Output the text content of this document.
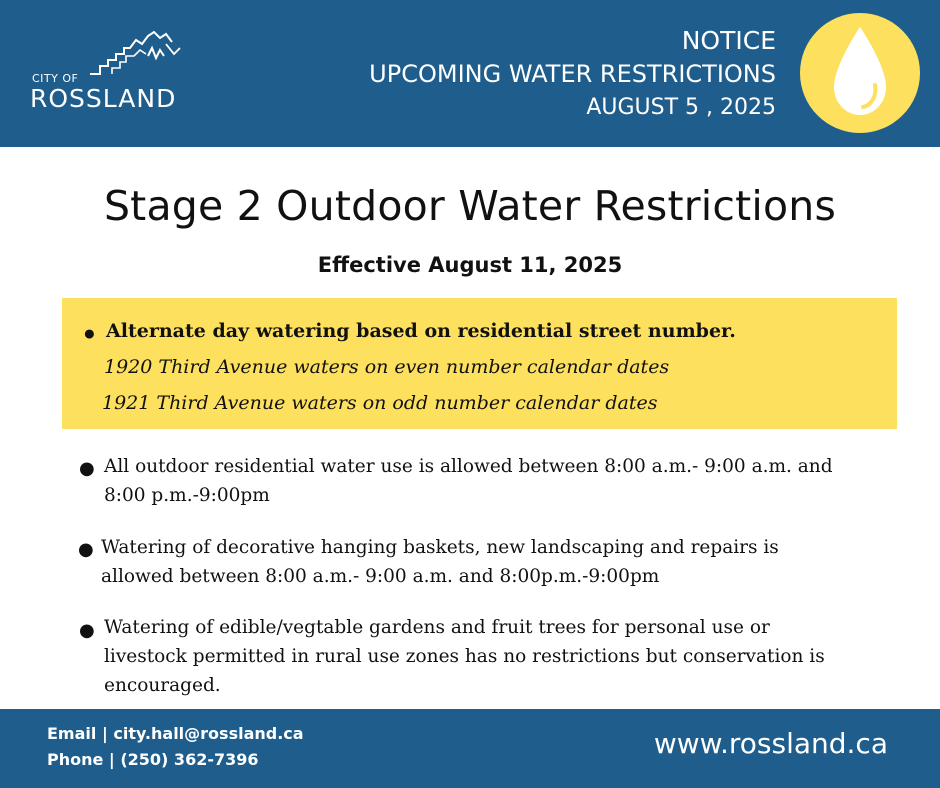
CITY OF
ROSSLAND
NOTICE
UPCOMING WATER RESTRICTIONS
AUGUST 5 , 2025
Stage 2 Outdoor Water Restrictions
Effective August 11, 2025
● Alternate day watering based on residential street number.
1920 Third Avenue waters on even number calendar dates
1921 Third Avenue waters on odd number calendar dates
● All outdoor residential water use is allowed between 8:00 a.m.- 9:00 a.m. and
8:00 p.m.-9:00pm
● Watering of decorative hanging baskets, new landscaping and repairs is
allowed between 8:00 a.m.- 9:00 a.m. and 8:00p.m.-9:00pm
● Watering of edible/vegtable gardens and fruit trees for personal use or
livestock permitted in rural use zones has no restrictions but conservation is
encouraged.
Email | city.hall@rossland.ca
Phone | (250) 362-7396	www.rossland.ca
